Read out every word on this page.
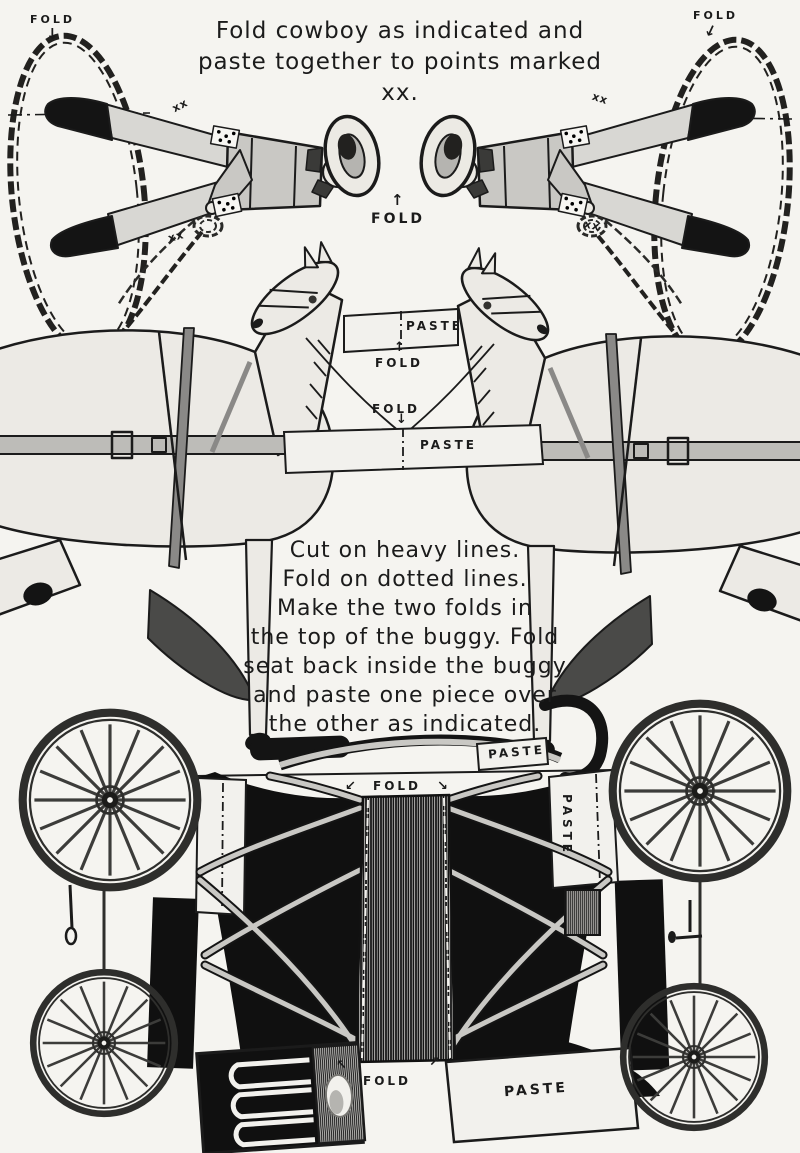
Fold cowboy as indicated and
paste together to points marked xx.
FOLD
↓
FOLD
↓
xx	xx
xx
xx
↑
FOLD
PASTE
↑
FOLD
FOLD
↓
PASTE
Cut on heavy lines.
Fold on dotted lines.
Make the two folds in
the top of the buggy. Fold
seat back inside the buggy
and paste one piece over
the other as indicated.
PASTE
PASTE
↙ FOLD ↘
↖
FOLD
↗
PASTE
